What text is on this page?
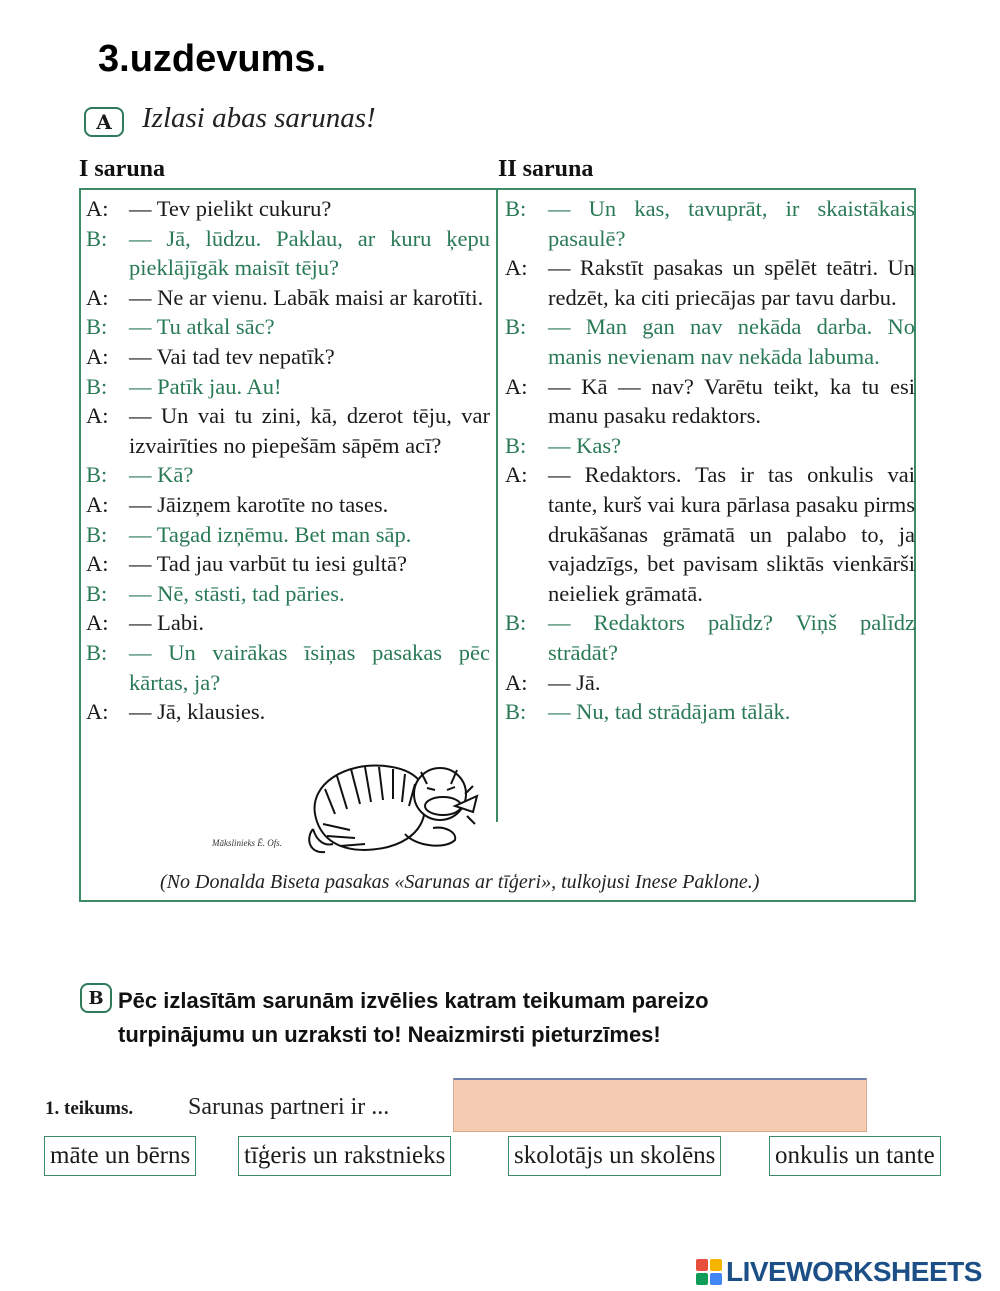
3.uzdevums.
A	Izlasi abas sarunas!
I saruna	II saruna
A: — Tev pielikt cukuru?
B: — Jā, lūdzu. Paklau, ar kuru ķepu pieklājīgāk maisīt tēju?
A: — Ne ar vienu. Labāk maisi ar karotīti.
B: — Tu atkal sāc?
A: — Vai tad tev nepatīk?
B: — Patīk jau. Au!
A: — Un vai tu zini, kā, dzerot tēju, var izvairīties no piepešām sāpēm acī?
B: — Kā?
A: — Jāizņem karotīte no tases.
B: — Tagad izņēmu. Bet man sāp.
A: — Tad jau varbūt tu iesi gultā?
B: — Nē, stāsti, tad pāries.
A: — Labi.
B: — Un vairākas īsiņas pasakas pēc kārtas, ja?
A: — Jā, klausies.
B: — Un kas, tavuprāt, ir skaistākais pasaulē?
A: — Rakstīt pasakas un spēlēt teātri. Un redzēt, ka citi priecājas par tavu darbu.
B: — Man gan nav nekāda darba. No manis nevienam nav nekāda labuma.
A: — Kā — nav? Varētu teikt, ka tu esi manu pasaku redaktors.
B: — Kas?
A: — Redaktors. Tas ir tas onkulis vai tante, kurš vai kura pārlasa pasaku pirms drukāšanas grāmatā un palabo to, ja vajadzīgs, bet pavisam sliktās vienkārši neieliek grāmatā.
B: — Redaktors palīdz? Viņš palīdz strādāt?
A: — Jā.
B: — Nu, tad strādājam tālāk.
Mākslinieks Ē. Ofs.
(No Donalda Biseta pasakas «Sarunas ar tīģeri», tulkojusi Inese Paklone.)
B Pēc izlasītām sarunām izvēlies katram teikumam pareizo
turpinājumu un uzraksti to! Neaizmirsti pieturzīmes!
1. teikums. Sarunas partneri ir ...
māte un bērns tīģeris un rakstnieks	skolotājs un skolēns onkulis un tante
LIVEWORKSHEETS
